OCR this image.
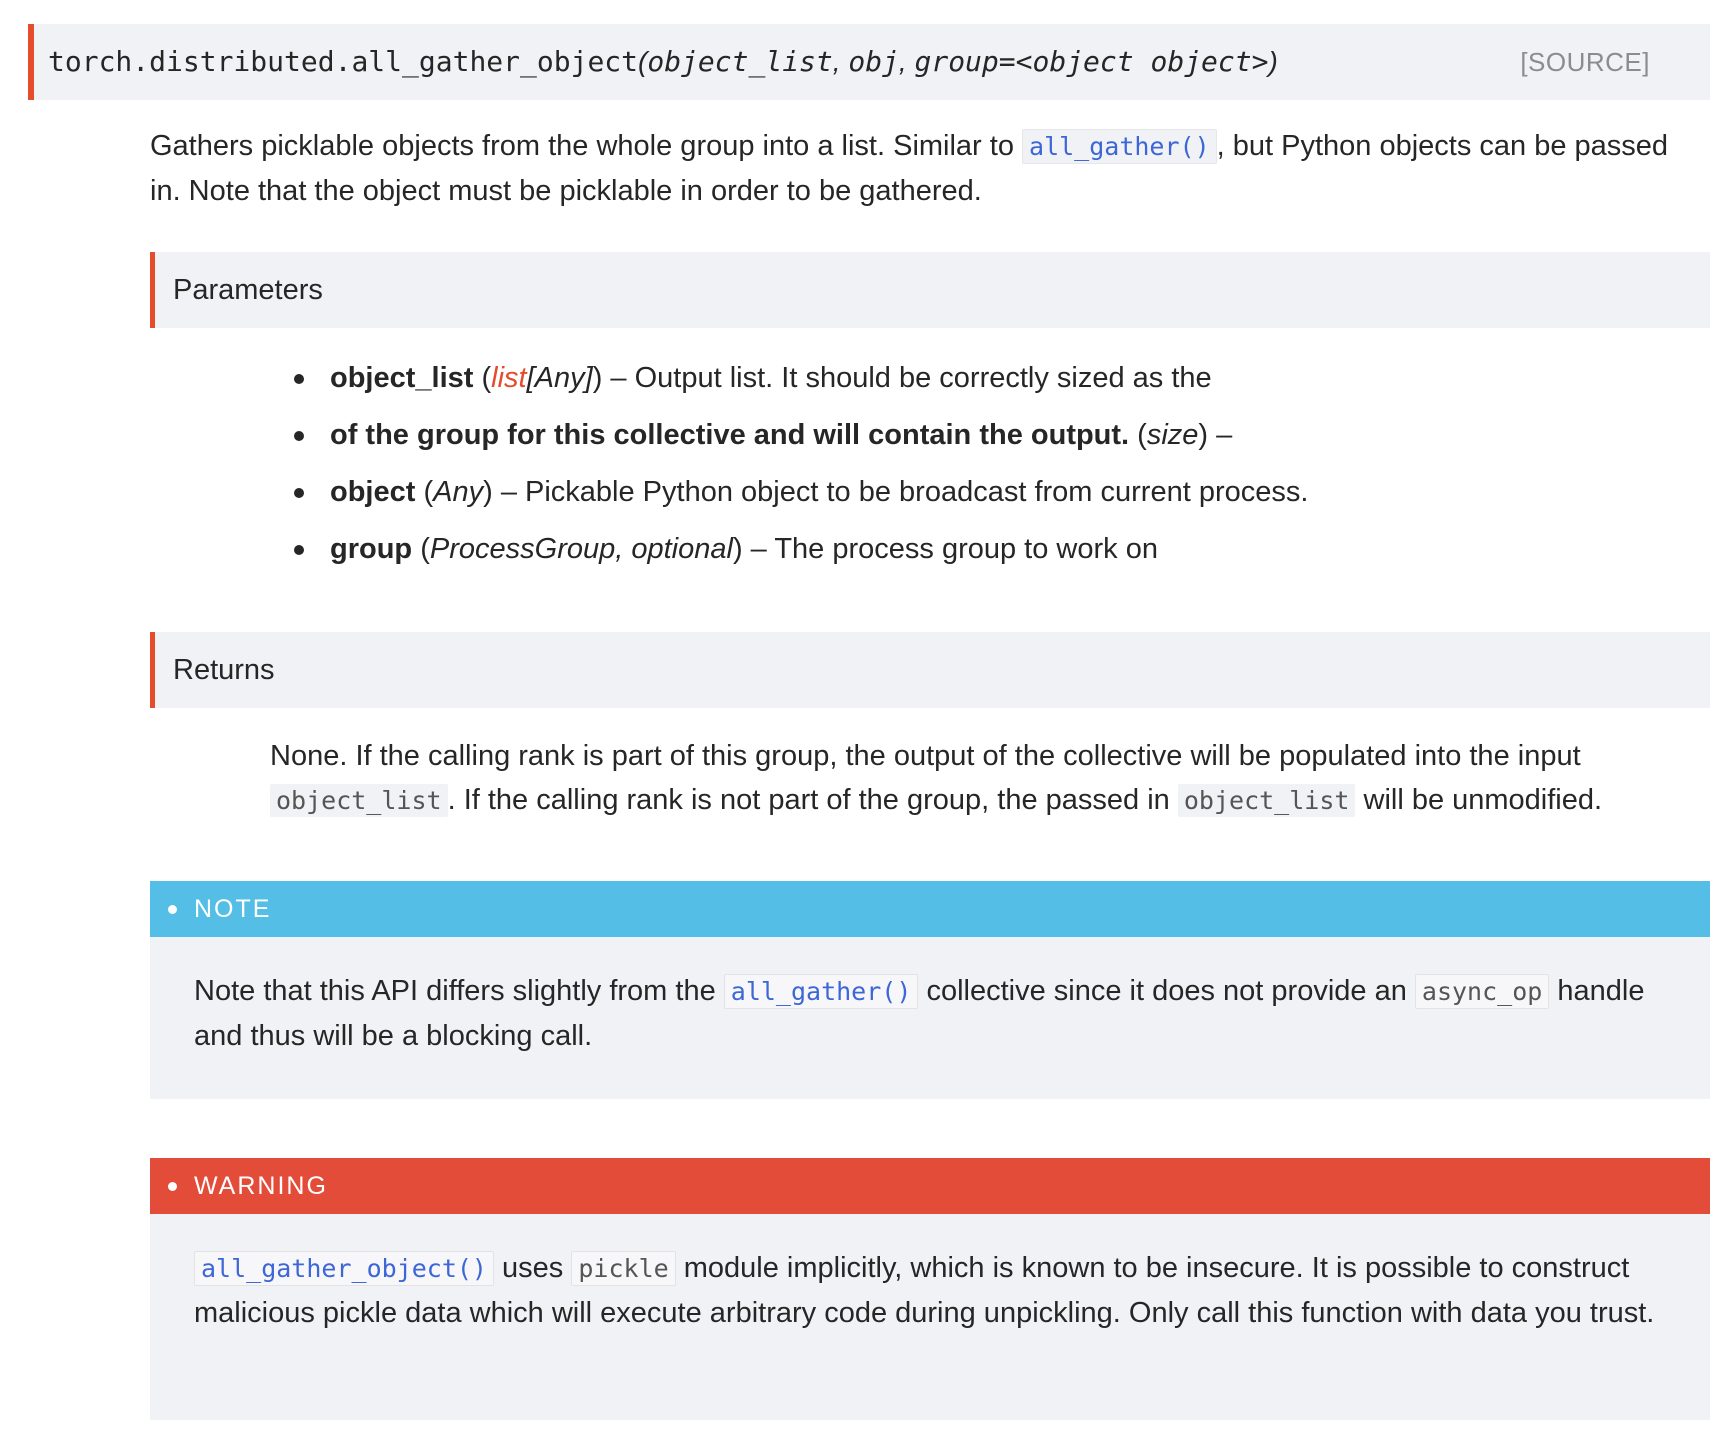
torch.distributed.all_gather_object(object_list, obj, group=<object object>)	[SOURCE]

Gathers picklable objects from the whole group into a list. Similar to all_gather() , but Python objects can be passed in. Note that the object must be picklable in order to be gathered.

Parameters
object_list (list[Any]) – Output list. It should be correctly sized as the
of the group for this collective and will contain the output. (size) –
object (Any) – Pickable Python object to be broadcast from current process.
group (ProcessGroup, optional) – The process group to work on
Returns

None. If the calling rank is part of this group, the output of the collective will be populated into the input object_list . If the calling rank is not part of the group, the passed in object_list will be unmodified.

NOTE

Note that this API differs slightly from the all_gather() collective since it does not provide an async_op handle and thus will be a blocking call.

WARNING

all_gather_object() uses pickle module implicitly, which is known to be insecure. It is possible to construct malicious pickle data which will execute arbitrary code during unpickling. Only call this function with data you trust.
